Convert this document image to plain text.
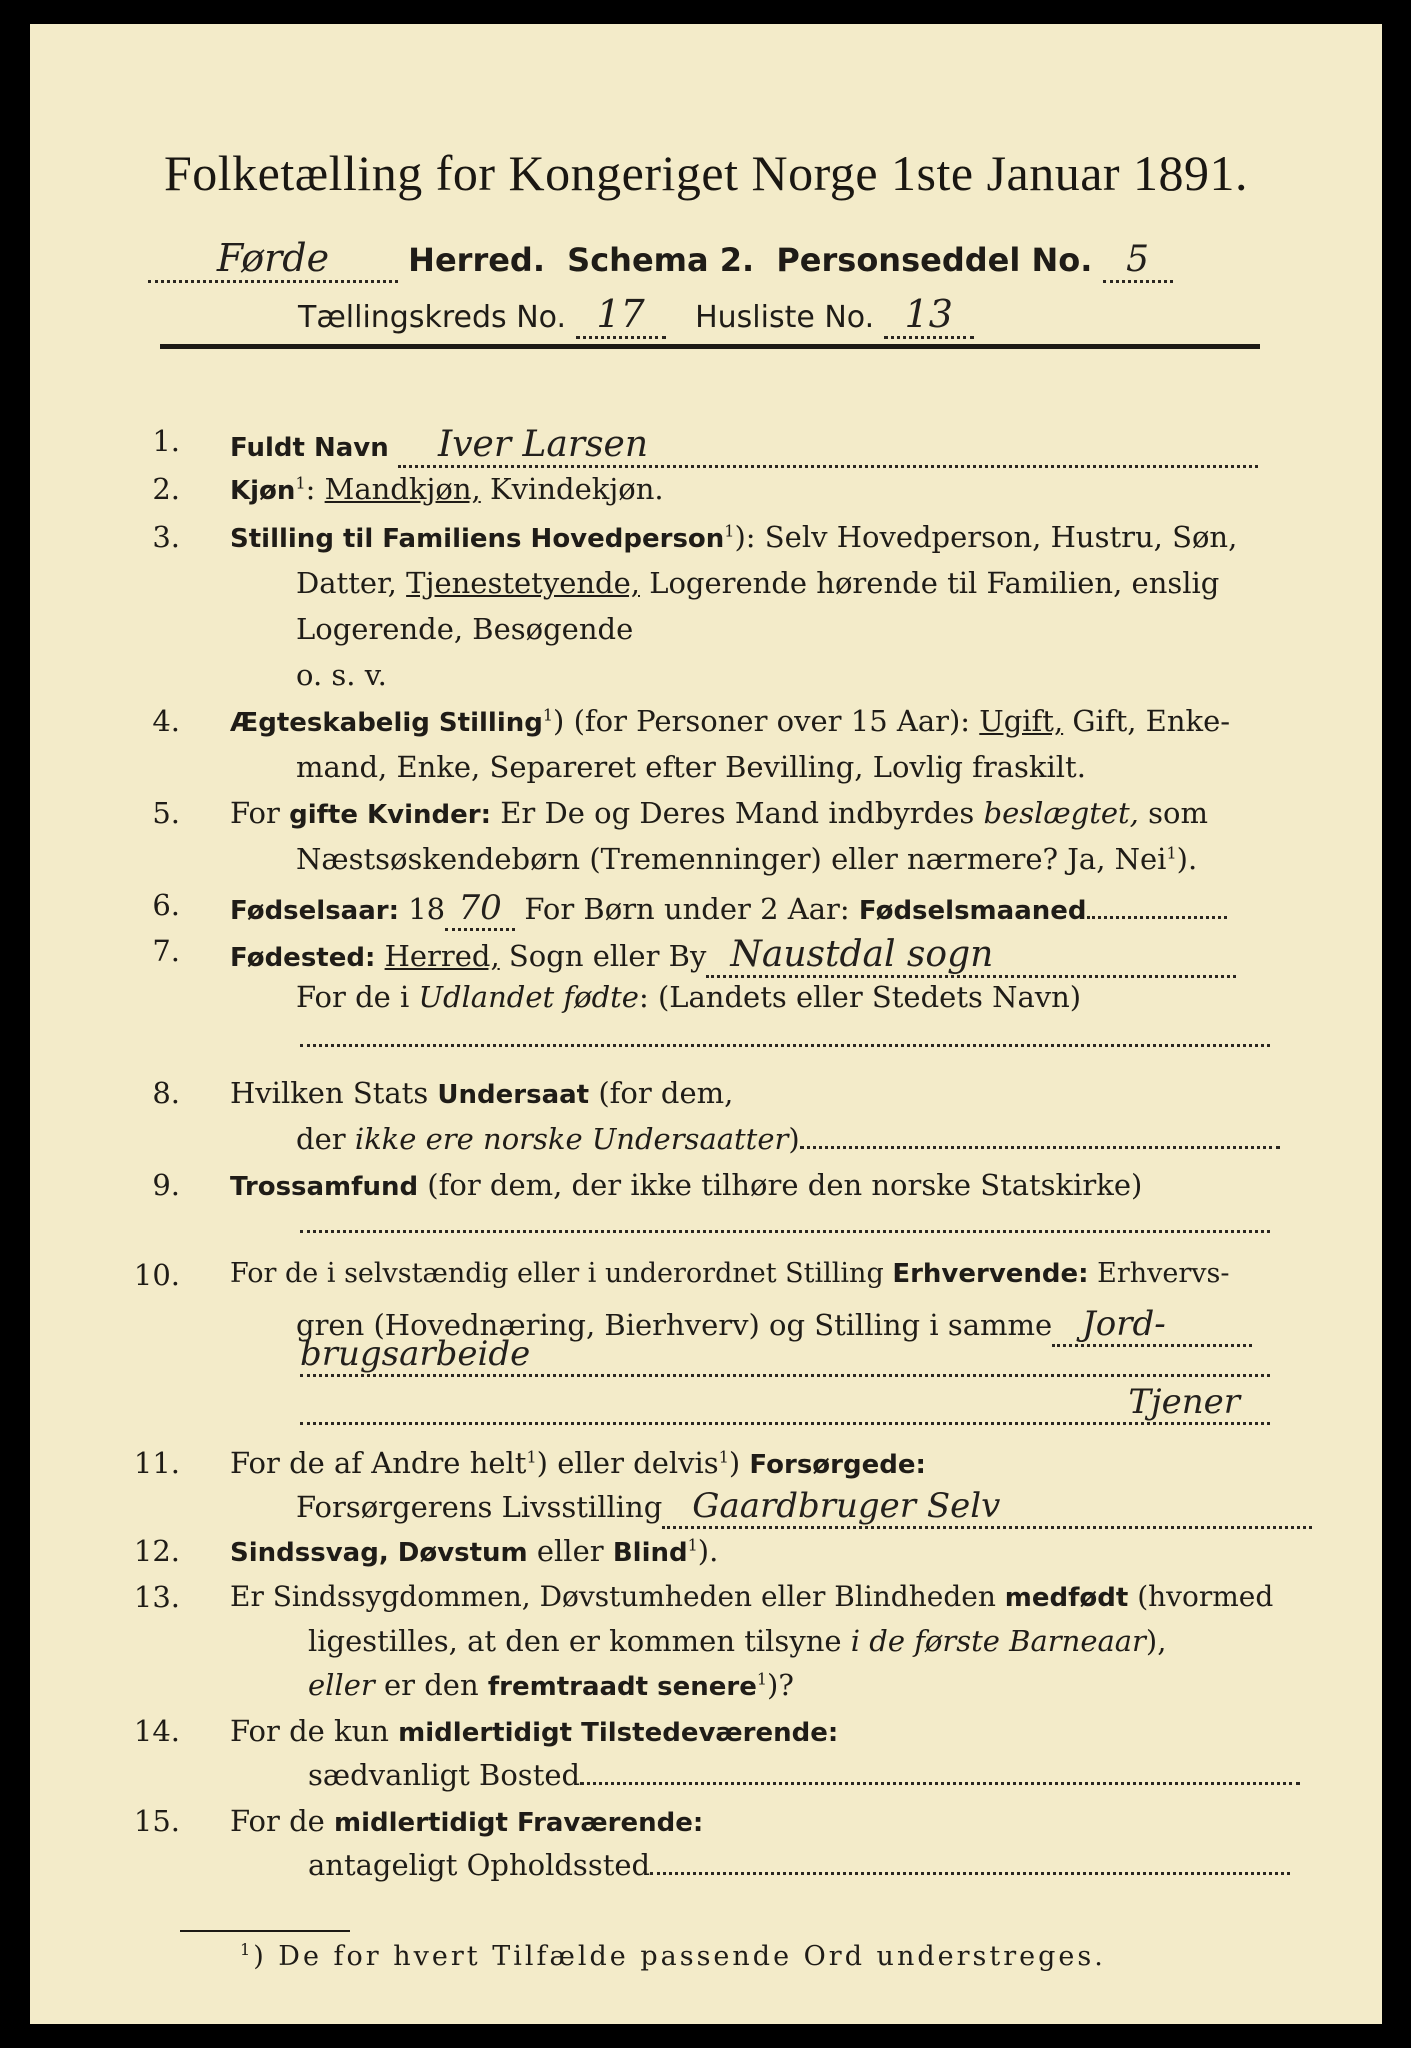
Folketælling for Kongeriget Norge 1ste Januar 1891.
Førde Herred. Schema 2. Personseddel No. 5
Tællingskreds No. 17 Husliste No. 13
1. Fuldt Navn Iver Larsen
2. Kjøn$^1$: Mandkjøn, Kvindekjøn.
3. Stilling til Familiens Hovedperson$^1$): Selv Hovedperson, Hustru, Søn,
Datter, Tjenestetyende, Logerende hørende til Familien, enslig
Logerende, Besøgende
o. s. v.
4. Ægteskabelig Stilling$^1$) (for Personer over 15 Aar): Ugift, Gift, Enke-
mand, Enke, Separeret efter Bevilling, Lovlig fraskilt.
5. For gifte Kvinder: Er De og Deres Mand indbyrdes beslægtet, som
Næstsøskendebørn (Tremenninger) eller nærmere? Ja, Nei$^1$).
6. Fødselsaar: 18 70 For Børn under 2 Aar: Fødselsmaaned
7. Fødested: Herred, Sogn eller By Naustdal sogn
For de i Udlandet fødte: (Landets eller Stedets Navn)
8. Hvilken Stats Undersaat (for dem,
der ikke ere norske Undersaatter)
9. Trossamfund (for dem, der ikke tilhøre den norske Statskirke)
10. For de i selvstændig eller i underordnet Stilling Erhvervende: Erhvervs-
gren (Hovednæring, Bierhverv) og Stilling i samme Jord-
brugsarbeide
Tjener
11. For de af Andre helt$^1$) eller delvis$^1$) Forsørgede:
Forsørgerens Livsstilling Gaardbruger Selv
12. Sindssvag, Døvstum eller Blind$^1$).
13. Er Sindssygdommen, Døvstumheden eller Blindheden medfødt (hvormed
ligestilles, at den er kommen tilsyne i de første Barneaar),
eller er den fremtraadt senere$^1$)?
14. For de kun midlertidigt Tilstedeværende:
sædvanligt Bosted
15. For de midlertidigt Fraværende:
antageligt Opholdssted
$^1$) De for hvert Tilfælde passende Ord understreges.
